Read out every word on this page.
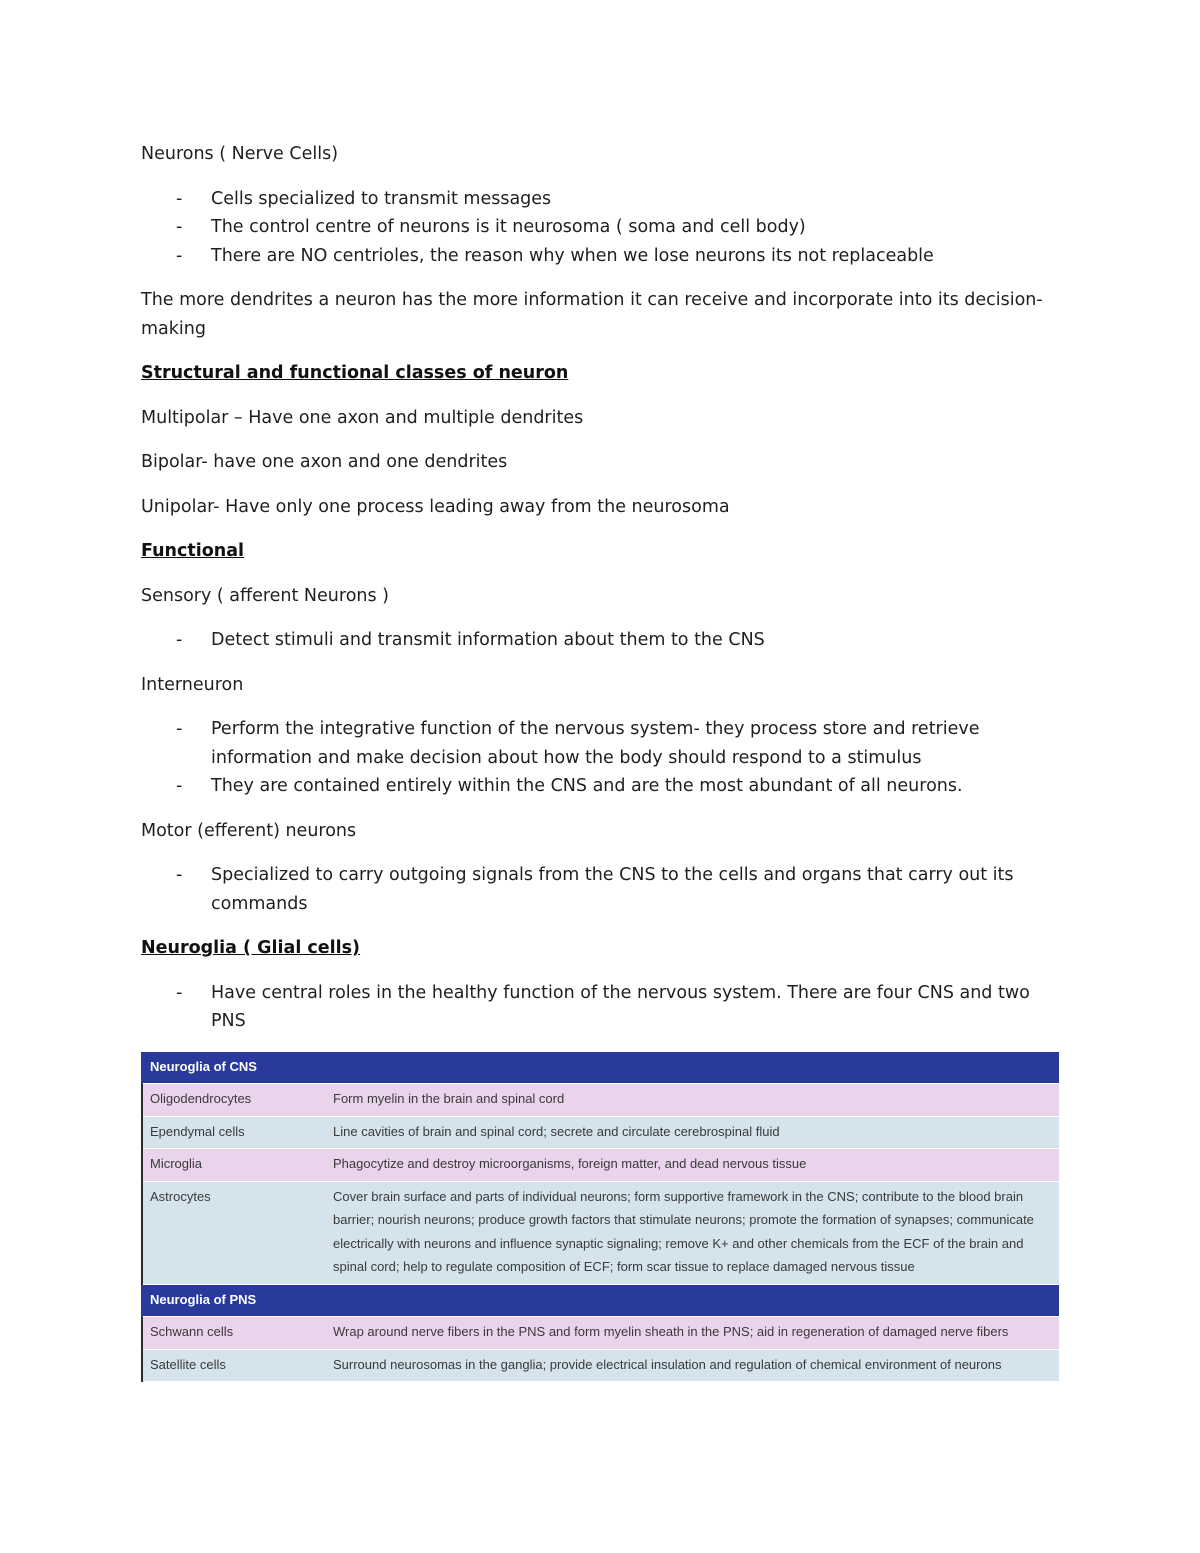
Neurons ( Nerve Cells)

- Cells specialized to transmit messages
- The control centre of neurons is it neurosoma ( soma and cell body)
- There are NO centrioles, the reason why when we lose neurons its not replaceable

The more dendrites a neuron has the more information it can receive and incorporate into its decision-making

Structural and functional classes of neuron

Multipolar – Have one axon and multiple dendrites

Bipolar- have one axon and one dendrites

Unipolar- Have only one process leading away from the neurosoma

Functional

Sensory ( afferent Neurons )

- Detect stimuli and transmit information about them to the CNS

Interneuron

- Perform the integrative function of the nervous system- they process store and retrieve information and make decision about how the body should respond to a stimulus
- They are contained entirely within the CNS and are the most abundant of all neurons.

Motor (efferent) neurons

- Specialized to carry outgoing signals from the CNS to the cells and organs that carry out its commands

Neuroglia ( Glial cells)

- Have central roles in the healthy function of the nervous system. There are four CNS and two PNS
Neuroglia of CNS	
Oligodendrocytes	Form myelin in the brain and spinal cord
Ependymal cells	Line cavities of brain and spinal cord; secrete and circulate cerebrospinal fluid
Microglia	Phagocytize and destroy microorganisms, foreign matter, and dead nervous tissue
Astrocytes	Cover brain surface and parts of individual neurons; form supportive framework in the CNS; contribute to the blood brain barrier; nourish neurons; produce growth factors that stimulate neurons; promote the formation of synapses; communicate electrically with neurons and influence synaptic signaling; remove K+ and other chemicals from the ECF of the brain and spinal cord; help to regulate composition of ECF; form scar tissue to replace damaged nervous tissue
Neuroglia of PNS	
Schwann cells	Wrap around nerve fibers in the PNS and form myelin sheath in the PNS; aid in regeneration of damaged nerve fibers
Satellite cells	Surround neurosomas in the ganglia; provide electrical insulation and regulation of chemical environment of neurons
